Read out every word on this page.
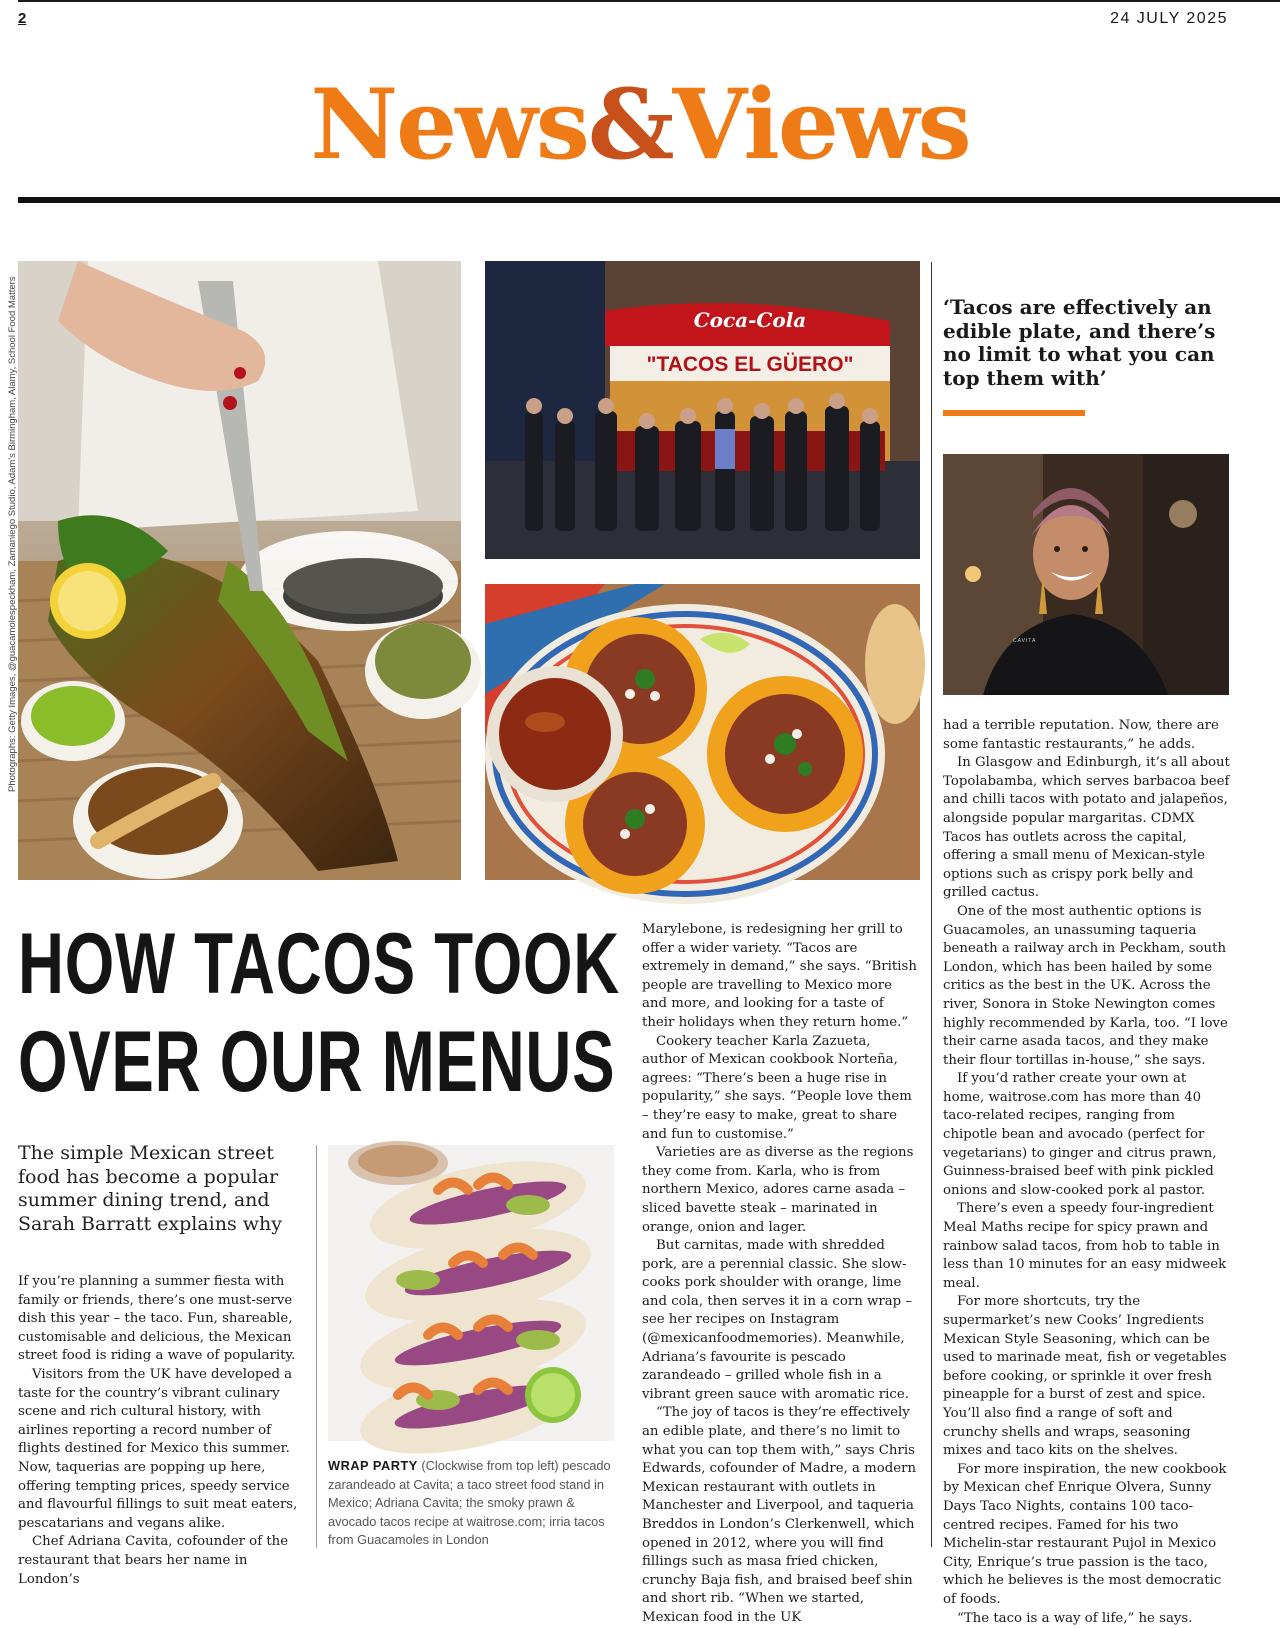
2	24 JULY 2025
News&Views
Photographs: Getty Images, @guacamolespeckham, Zamaniego Studio, Adam's Birmingham, Alamy, School Food Matters	Coca-Cola
"TACOS EL GÜERO"
‘Tacos are effectively an edible plate, and there’s no limit to what you can top them with’
CAVITA
HOW TACOS TOOK
OVER OUR MENUS
The simple Mexican street food has become a popular summer dining trend, and Sarah Barratt explains why

If you’re planning a summer fiesta with family or friends, there’s one must-serve dish this year – the taco. Fun, shareable, customisable and delicious, the Mexican street food is riding a wave of popularity.

Visitors from the UK have developed a taste for the country’s vibrant culinary scene and rich cultural history, with airlines reporting a record number of flights destined for Mexico this summer. Now, taquerias are popping up here, offering tempting prices, speedy service and flavourful fillings to suit meat eaters, pescatarians and vegans alike.

Chef Adriana Cavita, cofounder of the restaurant that bears her name in London’s

WRAP PARTY (Clockwise from top left) pescado zarandeado at Cavita; a taco street food stand in Mexico; Adriana Cavita; the smoky prawn & avocado tacos recipe at waitrose.com; irria tacos from Guacamoles in London

Marylebone, is redesigning her grill to offer a wider variety. “Tacos are extremely in demand,” she says. “British people are travelling to Mexico more and more, and looking for a taste of their holidays when they return home.”

Cookery teacher Karla Zazueta, author of Mexican cookbook Norteña, agrees: “There’s been a huge rise in popularity,” she says. “People love them – they’re easy to make, great to share and fun to customise.”

Varieties are as diverse as the regions they come from. Karla, who is from northern Mexico, adores carne asada – sliced bavette steak – marinated in orange, onion and lager.

But carnitas, made with shredded pork, are a perennial classic. She slow-cooks pork shoulder with orange, lime and cola, then serves it in a corn wrap – see her recipes on Instagram (@mexicanfoodmemories). Meanwhile, Adriana’s favourite is pescado zarandeado – grilled whole fish in a vibrant green sauce with aromatic rice.

“The joy of tacos is they’re effectively an edible plate, and there’s no limit to what you can top them with,” says Chris Edwards, cofounder of Madre, a modern Mexican restaurant with outlets in Manchester and Liverpool, and taqueria Breddos in London’s Clerkenwell, which opened in 2012, where you will find fillings such as masa fried chicken, crunchy Baja fish, and braised beef shin and short rib. “When we started, Mexican food in the UK

had a terrible reputation. Now, there are some fantastic restaurants,” he adds.

In Glasgow and Edinburgh, it’s all about Topolabamba, which serves barbacoa beef and chilli tacos with potato and jalapeños, alongside popular margaritas. CDMX Tacos has outlets across the capital, offering a small menu of Mexican-style options such as crispy pork belly and grilled cactus.

One of the most authentic options is Guacamoles, an unassuming taqueria beneath a railway arch in Peckham, south London, which has been hailed by some critics as the best in the UK. Across the river, Sonora in Stoke Newington comes highly recommended by Karla, too. “I love their carne asada tacos, and they make their flour tortillas in-house,” she says.

If you’d rather create your own at home, waitrose.com has more than 40 taco-related recipes, ranging from chipotle bean and avocado (perfect for vegetarians) to ginger and citrus prawn, Guinness-braised beef with pink pickled onions and slow-cooked pork al pastor.

There’s even a speedy four-ingredient Meal Maths recipe for spicy prawn and rainbow salad tacos, from hob to table in less than 10 minutes for an easy midweek meal.

For more shortcuts, try the supermarket’s new Cooks’ Ingredients Mexican Style Seasoning, which can be used to marinade meat, fish or vegetables before cooking, or sprinkle it over fresh pineapple for a burst of zest and spice. You’ll also find a range of soft and crunchy shells and wraps, seasoning mixes and taco kits on the shelves.

For more inspiration, the new cookbook by Mexican chef Enrique Olvera, Sunny Days Taco Nights, contains 100 taco-centred recipes. Famed for his two Michelin-star restaurant Pujol in Mexico City, Enrique’s true passion is the taco, which he believes is the most democratic of foods.

“The taco is a way of life,” he says.
